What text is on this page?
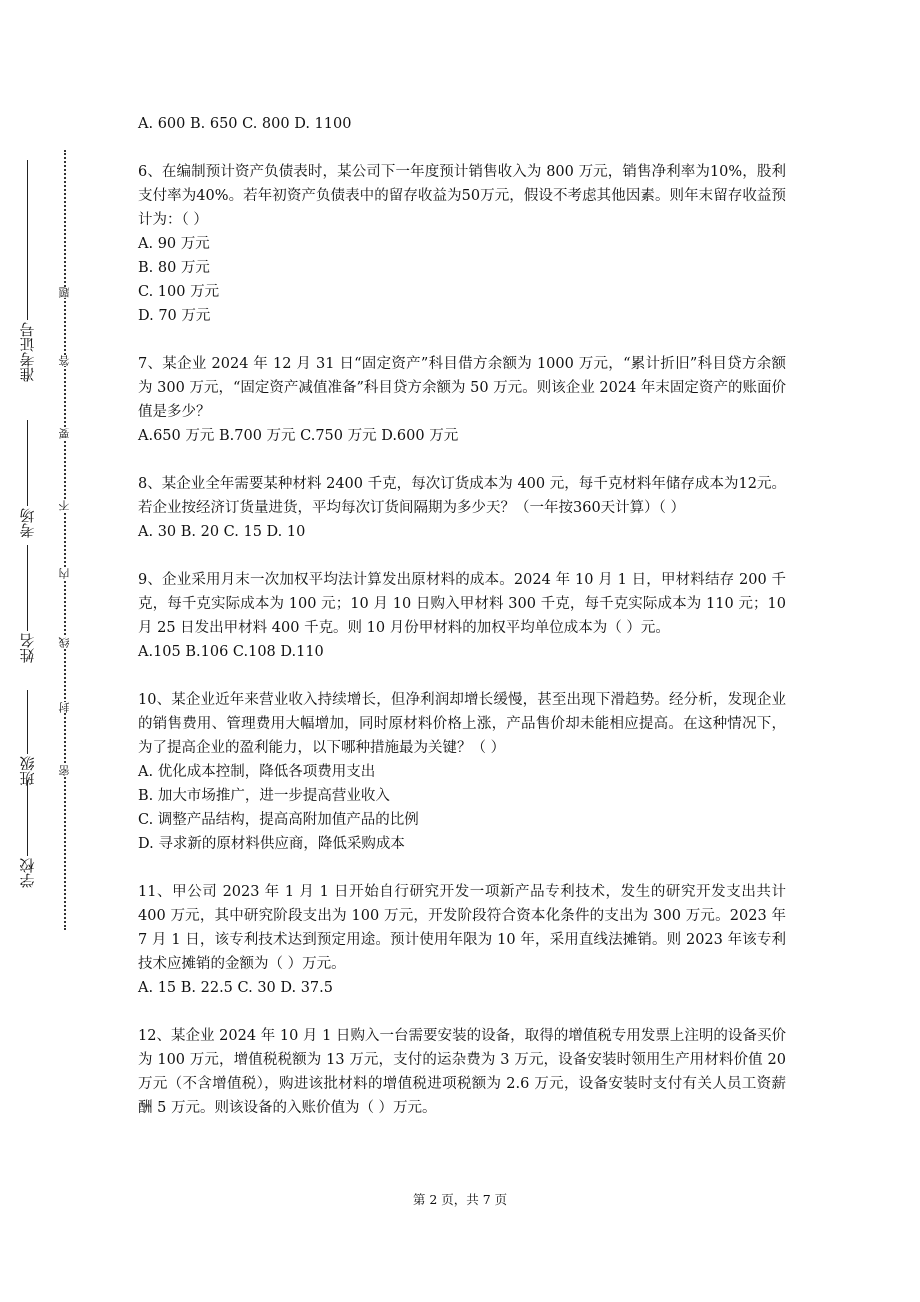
学校
班级
姓名
考场
准考证号
密
封
线
内
不
要
答
题

A. 600 B. 650 C. 800 D. 1100

6、在编制预计资产负债表时，某公司下一年度预计销售收入为 800 万元，销售净利率为10%，股利支付率为40%。若年初资产负债表中的留存收益为50万元，假设不考虑其他因素。则年末留存收益预计为：（ ）

A. 90 万元

B. 80 万元

C. 100 万元

D. 70 万元

7、某企业 2024 年 12 月 31 日“固定资产”科目借方余额为 1000 万元，“累计折旧”科目贷方余额为 300 万元，“固定资产减值准备”科目贷方余额为 50 万元。则该企业 2024 年末固定资产的账面价值是多少？

A.650 万元 B.700 万元 C.750 万元 D.600 万元

8、某企业全年需要某种材料 2400 千克，每次订货成本为 400 元，每千克材料年储存成本为12元。若企业按经济订货量进货，平均每次订货间隔期为多少天？（一年按360天计算）（ ）

A. 30 B. 20 C. 15 D. 10

9、企业采用月末一次加权平均法计算发出原材料的成本。2024 年 10 月 1 日，甲材料结存 200 千克，每千克实际成本为 100 元；10 月 10 日购入甲材料 300 千克，每千克实际成本为 110 元；10 月 25 日发出甲材料 400 千克。则 10 月份甲材料的加权平均单位成本为（ ）元。

A.105 B.106 C.108 D.110

10、某企业近年来营业收入持续增长，但净利润却增长缓慢，甚至出现下滑趋势。经分析，发现企业的销售费用、管理费用大幅增加，同时原材料价格上涨，产品售价却未能相应提高。在这种情况下，为了提高企业的盈利能力，以下哪种措施最为关键？（ ）

A. 优化成本控制，降低各项费用支出

B. 加大市场推广，进一步提高营业收入

C. 调整产品结构，提高高附加值产品的比例

D. 寻求新的原材料供应商，降低采购成本

11、甲公司 2023 年 1 月 1 日开始自行研究开发一项新产品专利技术，发生的研究开发支出共计 400 万元，其中研究阶段支出为 100 万元，开发阶段符合资本化条件的支出为 300 万元。2023 年 7 月 1 日，该专利技术达到预定用途。预计使用年限为 10 年，采用直线法摊销。则 2023 年该专利技术应摊销的金额为（ ）万元。

A. 15 B. 22.5 C. 30 D. 37.5

12、某企业 2024 年 10 月 1 日购入一台需要安装的设备，取得的增值税专用发票上注明的设备买价为 100 万元，增值税税额为 13 万元，支付的运杂费为 3 万元，设备安装时领用生产用材料价值 20 万元（不含增值税），购进该批材料的增值税进项税额为 2.6 万元，设备安装时支付有关人员工资薪酬 5 万元。则该设备的入账价值为（ ）万元。

第 2 页，共 7 页
